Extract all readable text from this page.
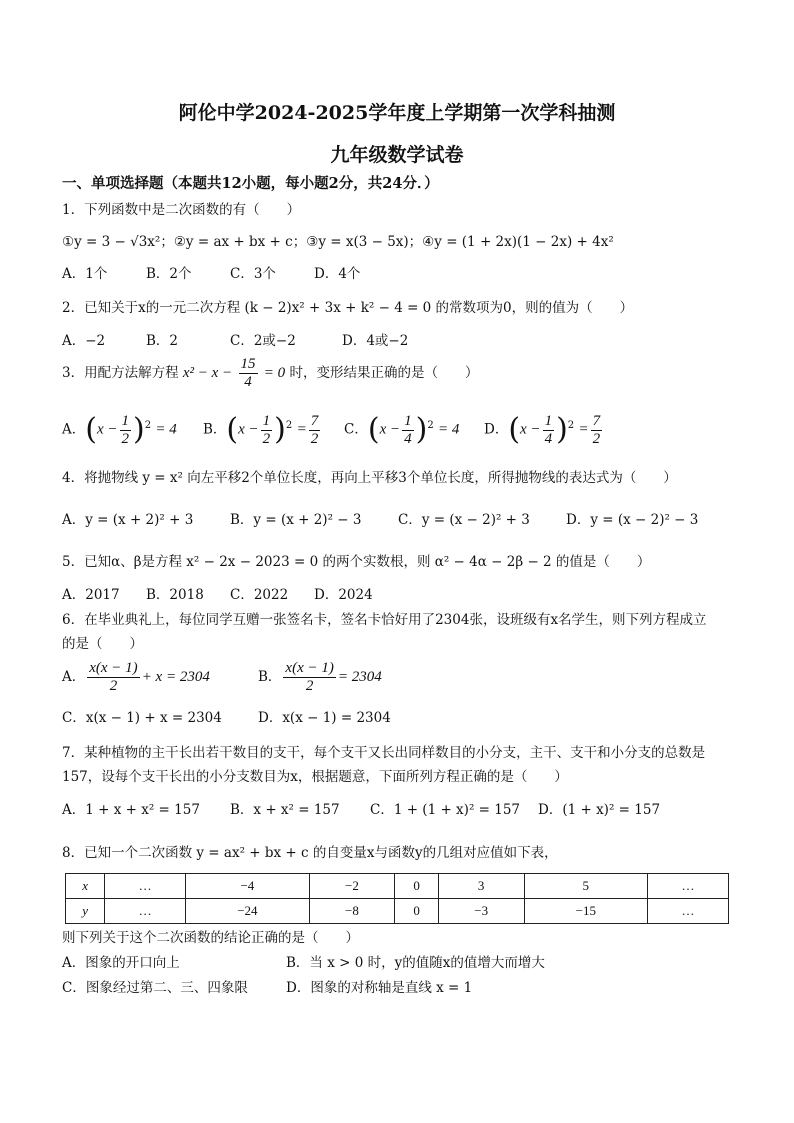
阿伦中学2024-2025学年度上学期第一次学科抽测
九年级数学试卷
一、单项选择题（本题共12小题，每小题2分，共24分．）
1．下列函数中是二次函数的有（　　）
①y = 3 − √3x²；②y = ax + bx + c；③y = x(3 − 5x)；④y = (1 + 2x)(1 − 2x) + 4x²
A．1个	B．2个	C．3个	D．4个
2．已知关于x的一元二次方程 (k − 2)x² + 3x + k² − 4 = 0 的常数项为0，则的值为（　　）
A．−2	B．2	C．2或−2	D．4或−2
3．用配方法解方程 $x^2 - x - \frac{15}{4} = 0$ 时，变形结果正确的是（　　）
A．$(x - \frac{1}{2} )^2 = 4$ B．$(x - \frac{1}{2} )^2 = \frac{7}{2}$ C．$(x - \frac{1}{4} )^2 = 4$ D．$(x - \frac{1}{4} )^2 = \frac{7}{2}$
4．将抛物线 y = x² 向左平移2个单位长度，再向上平移3个单位长度，所得抛物线的表达式为（　　）
A．y = (x + 2)² + 3	B．y = (x + 2)² − 3	C．y = (x − 2)² + 3	D．y = (x − 2)² − 3
5．已知α、β是方程 x² − 2x − 2023 = 0 的两个实数根，则 α² − 4α − 2β − 2 的值是（　　）
A．2017 B．2018 C．2022 D．2024
6．在毕业典礼上，每位同学互赠一张签名卡，签名卡恰好用了2304张，设班级有x名学生，则下列方程成立
的是（　　）
A． $\frac{x(x - 1)}{2} + x = 2304$	B． $\frac{x(x - 1)}{2} = 2304$
C．x(x − 1) + x = 2304	D．x(x − 1) = 2304
7．某种植物的主干长出若干数目的支干，每个支干又长出同样数目的小分支，主干、支干和小分支的总数是
157，设每个支干长出的小分支数目为x，根据题意，下面所列方程正确的是（　　）
A．1 + x + x² = 157 B．x + x² = 157 C．1 + (1 + x)² = 157 D．(1 + x)² = 157
8．已知一个二次函数 y = ax² + bx + c 的自变量x与函数y的几组对应值如下表，
x	…	−4	−2	0	3	5	…
y	…	−24	−8	0	−3	−15	…
则下列关于这个二次函数的结论正确的是（　　）
A．图象的开口向上	B．当 x > 0 时，y的值随x的值增大而增大
C．图象经过第二、三、四象限	D．图象的对称轴是直线 x = 1
